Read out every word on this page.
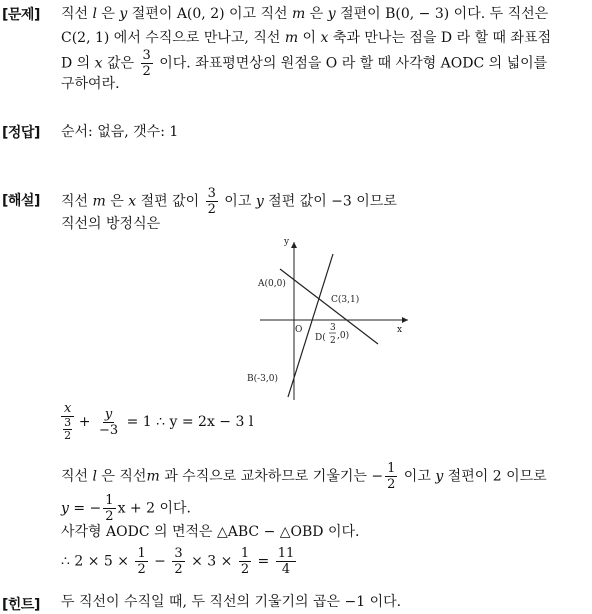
[문제] 직선 l 은 y 절편이 A(0, 2) 이고 직선 m 은 y 절편이 B(0, − 3) 이다. 두 직선은
C(2, 1) 에서 수직으로 만나고, 직선 m 이 x 축과 만나는 점을 D 라 할 때 좌표점
D 의 x 값은 $\frac{3}{2}$ 이다. 좌표평면상의 원점을 O 라 할 때 사각형 AODC 의 넓이를
구하여라.
[정답] 순서: 없음, 갯수: 1
[해설] 직선 m 은 x 절편 값이 $\frac{3}{2}$ 이고 y 절편 값이 −3 이므로
직선의 방정식은
y
x
A(0,0)
C(3,1)
O
D(
3
2 ,0)
B(-3,0)
x
3
2
+ $\frac{y}{-3} = 1$ ∴ y = 2x − 3 l
직선 l 은 직선m 과 수직으로 교차하므로 기울기는 − $\frac{1}{2}$ 이고 y 절편이 2 이므로
y = − $\frac{1}{2}$ x + 2 이다.
사각형 AODC 의 면적은 △ABC − △OBD 이다.
∴ $2 \times 5 \times \frac{1}{2} - \frac{3}{2} \times 3 \times \frac{1}{2} = \frac{11}{4}$
[힌트] 두 직선이 수직일 때, 두 직선의 기울기의 곱은 −1 이다.
